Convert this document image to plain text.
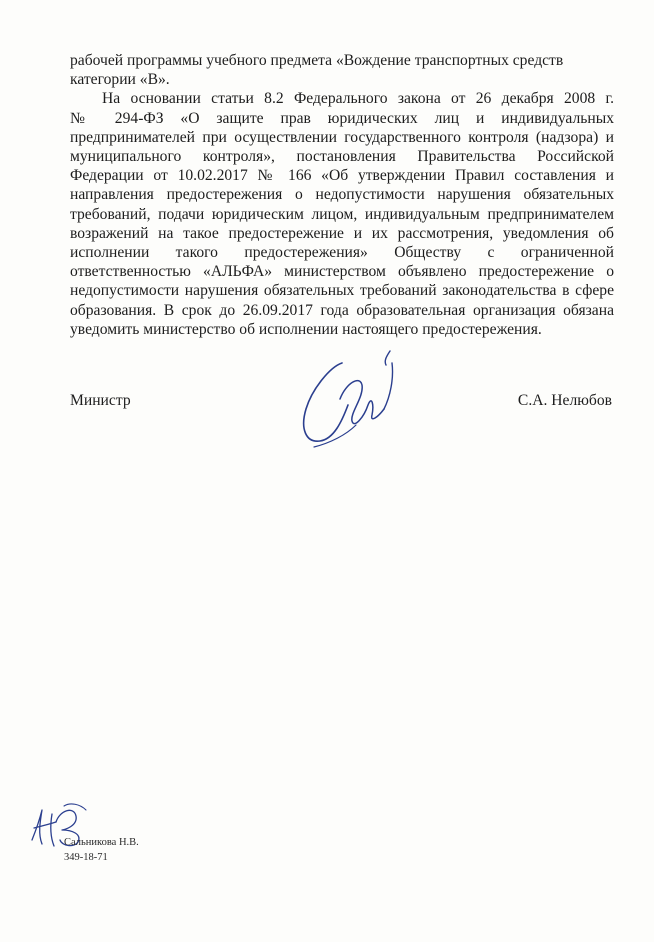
рабочей программы учебного предмета «Вождение транспортных средств
категории «В».
На основании статьи 8.2 Федерального закона от 26 декабря 2008 г.
№ 294-ФЗ «О защите прав юридических лиц и индивидуальных
предпринимателей при осуществлении государственного контроля (надзора) и
муниципального контроля», постановления Правительства Российской
Федерации от 10.02.2017 № 166 «Об утверждении Правил составления и
направления предостережения о недопустимости нарушения обязательных
требований, подачи юридическим лицом, индивидуальным предпринимателем
возражений на такое предостережение и их рассмотрения, уведомления об
исполнении такого предостережения» Обществу с ограниченной
ответственностью «АЛЬФА» министерством объявлено предостережение о
недопустимости нарушения обязательных требований законодательства в сфере
образования. В срок до 26.09.2017 года образовательная организация обязана
уведомить министерство об исполнении настоящего предостережения.
Министр	С.А. Нелюбов
Сальникова Н.В.
349-18-71
